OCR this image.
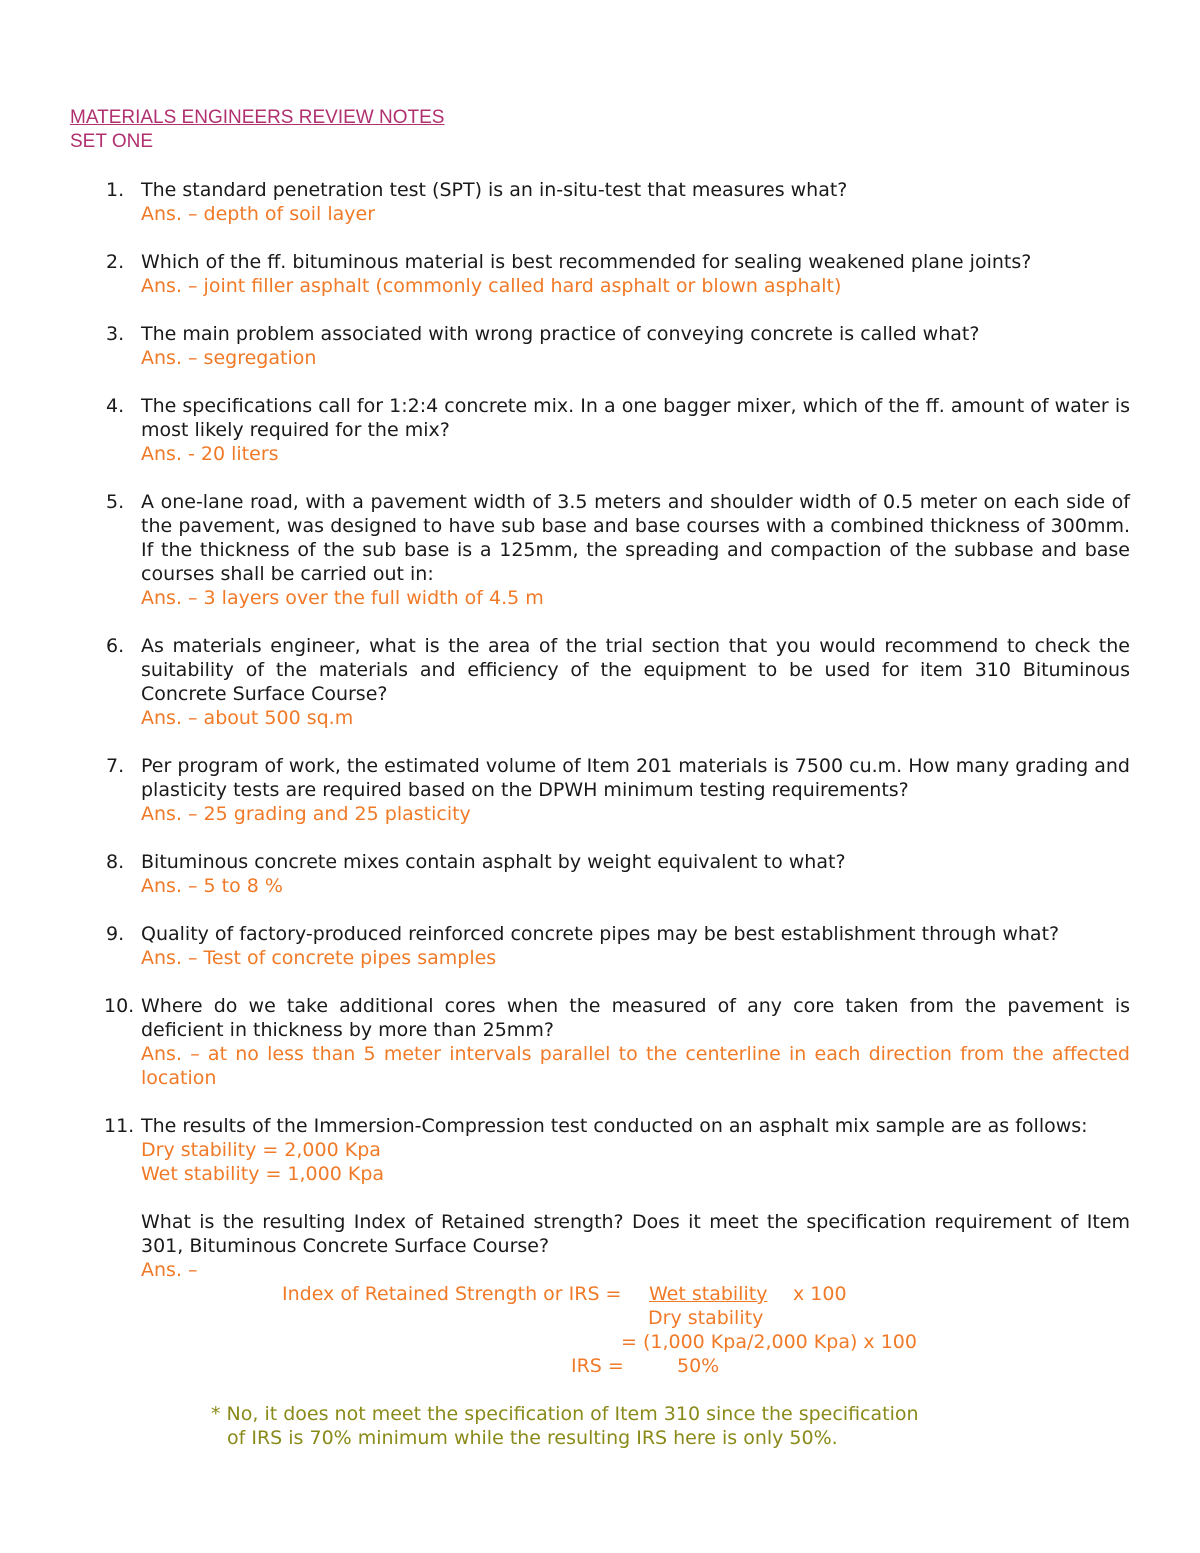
MATERIALS ENGINEERS REVIEW NOTES
SET ONE
1. The standard penetration test (SPT) is an in-situ-test that measures what?
Ans. – depth of soil layer
2. Which of the ff. bituminous material is best recommended for sealing weakened plane joints?
Ans. – joint filler asphalt (commonly called hard asphalt or blown asphalt)
3. The main problem associated with wrong practice of conveying concrete is called what?
Ans. – segregation
4. The specifications call for 1:2:4 concrete mix. In a one bagger mixer, which of the ff. amount of water is most likely required for the mix?
Ans. - 20 liters
5. A one-lane road, with a pavement width of 3.5 meters and shoulder width of 0.5 meter on each side of the pavement, was designed to have sub base and base courses with a combined thickness of 300mm. If the thickness of the sub base is a 125mm, the spreading and compaction of the subbase and base courses shall be carried out in:
Ans. – 3 layers over the full width of 4.5 m
6. As materials engineer, what is the area of the trial section that you would recommend to check the suitability of the materials and efficiency of the equipment to be used for item 310 Bituminous Concrete Surface Course?
Ans. – about 500 sq.m
7. Per program of work, the estimated volume of Item 201 materials is 7500 cu.m. How many grading and plasticity tests are required based on the DPWH minimum testing requirements?
Ans. – 25 grading and 25 plasticity
8. Bituminous concrete mixes contain asphalt by weight equivalent to what?
Ans. – 5 to 8 %
9. Quality of factory-produced reinforced concrete pipes may be best establishment through what?
Ans. – Test of concrete pipes samples
10. Where do we take additional cores when the measured of any core taken from the pavement is deficient in thickness by more than 25mm?
Ans. – at no less than 5 meter intervals parallel to the centerline in each direction from the affected location
11. The results of the Immersion-Compression test conducted on an asphalt mix sample are as follows:
Dry stability = 2,000 Kpa
Wet stability = 1,000 Kpa
What is the resulting Index of Retained strength? Does it meet the specification requirement of Item 301, Bituminous Concrete Surface Course?
Ans. –
Index of Retained Strength or IRS = Wet stability	x 100
Dry stability
= (1,000 Kpa/2,000 Kpa) x 100
IRS =	50%
* No, it does not meet the specification of Item 310 since the specification
of IRS is 70% minimum while the resulting IRS here is only 50%.
